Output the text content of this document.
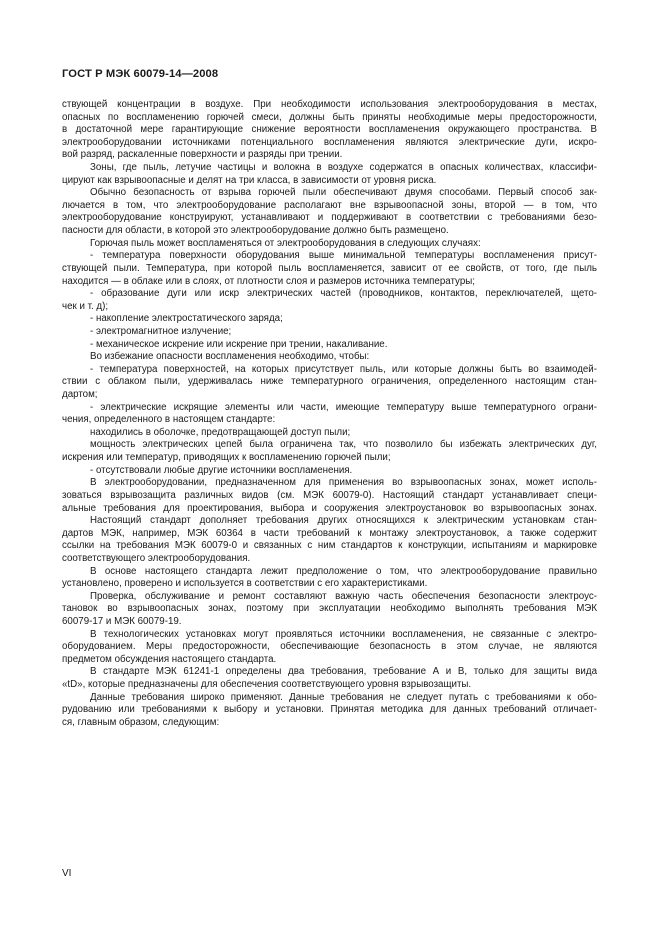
ГОСТ Р МЭК 60079-14—2008
ствующей концентрации в воздухе. При необходимости использования электрооборудования в местах,
опасных по воспламенению горючей смеси, должны быть приняты необходимые меры предосторожности,
в достаточной мере гарантирующие снижение вероятности воспламенения окружающего пространства. В
электрооборудовании источниками потенциального воспламенения являются электрические дуги, искро-
вой разряд, раскаленные поверхности и разряды при трении.
Зоны, где пыль, летучие частицы и волокна в воздухе содержатся в опасных количествах, классифи-
цируют как взрывоопасные и делят на три класса, в зависимости от уровня риска.
Обычно безопасность от взрыва горючей пыли обеспечивают двумя способами. Первый способ зак-
лючается в том, что электрооборудование располагают вне взрывоопасной зоны, второй — в том, что
электрооборудование конструируют, устанавливают и поддерживают в соответствии с требованиями безо-
пасности для области, в которой это электрооборудование должно быть размещено.
Горючая пыль может воспламеняться от электрооборудования в следующих случаях:
- температура поверхности оборудования выше минимальной температуры воспламенения присут-
ствующей пыли. Температура, при которой пыль воспламеняется, зависит от ее свойств, от того, где пыль
находится — в облаке или в слоях, от плотности слоя и размеров источника температуры;
- образование дуги или искр электрических частей (проводников, контактов, переключателей, щето-
чек и т. д);
- накопление электростатического заряда;
- электромагнитное излучение;
- механическое искрение или искрение при трении, накаливание.
Во избежание опасности воспламенения необходимо, чтобы:
- температура поверхностей, на которых присутствует пыль, или которые должны быть во взаимодей-
ствии с облаком пыли, удерживалась ниже температурного ограничения, определенного настоящим стан-
дартом;
- электрические искрящие элементы или части, имеющие температуру выше температурного ограни-
чения, определенного в настоящем стандарте:
находились в оболочке, предотвращающей доступ пыли;
мощность электрических цепей была ограничена так, что позволило бы избежать электрических дуг,
искрения или температур, приводящих к воспламенению горючей пыли;
- отсутствовали любые другие источники воспламенения.
В электрооборудовании, предназначенном для применения во взрывоопасных зонах, может исполь-
зоваться взрывозащита различных видов (см. МЭК 60079-0). Настоящий стандарт устанавливает специ-
альные требования для проектирования, выбора и сооружения электроустановок во взрывоопасных зонах.
Настоящий стандарт дополняет требования других относящихся к электрическим установкам стан-
дартов МЭК, например, МЭК 60364 в части требований к монтажу электроустановок, а также содержит
ссылки на требования МЭК 60079-0 и связанных с ним стандартов к конструкции, испытаниям и маркировке
соответствующего электрооборудования.
В основе настоящего стандарта лежит предположение о том, что электрооборудование правильно
установлено, проверено и используется в соответствии с его характеристиками.
Проверка, обслуживание и ремонт составляют важную часть обеспечения безопасности электроус-
тановок во взрывоопасных зонах, поэтому при эксплуатации необходимо выполнять требования МЭК
60079-17 и МЭК 60079-19.
В технологических установках могут проявляться источники воспламенения, не связанные с электро-
оборудованием. Меры предосторожности, обеспечивающие безопасность в этом случае, не являются
предметом обсуждения настоящего стандарта.
В стандарте МЭК 61241-1 определены два требования, требование А и В, только для защиты вида
«tD», которые предназначены для обеспечения соответствующего уровня взрывозащиты.
Данные требования широко применяют. Данные требования не следует путать с требованиями к обо-
рудованию или требованиями к выбору и установки. Принятая методика для данных требований отличает-
ся, главным образом, следующим:
VI
